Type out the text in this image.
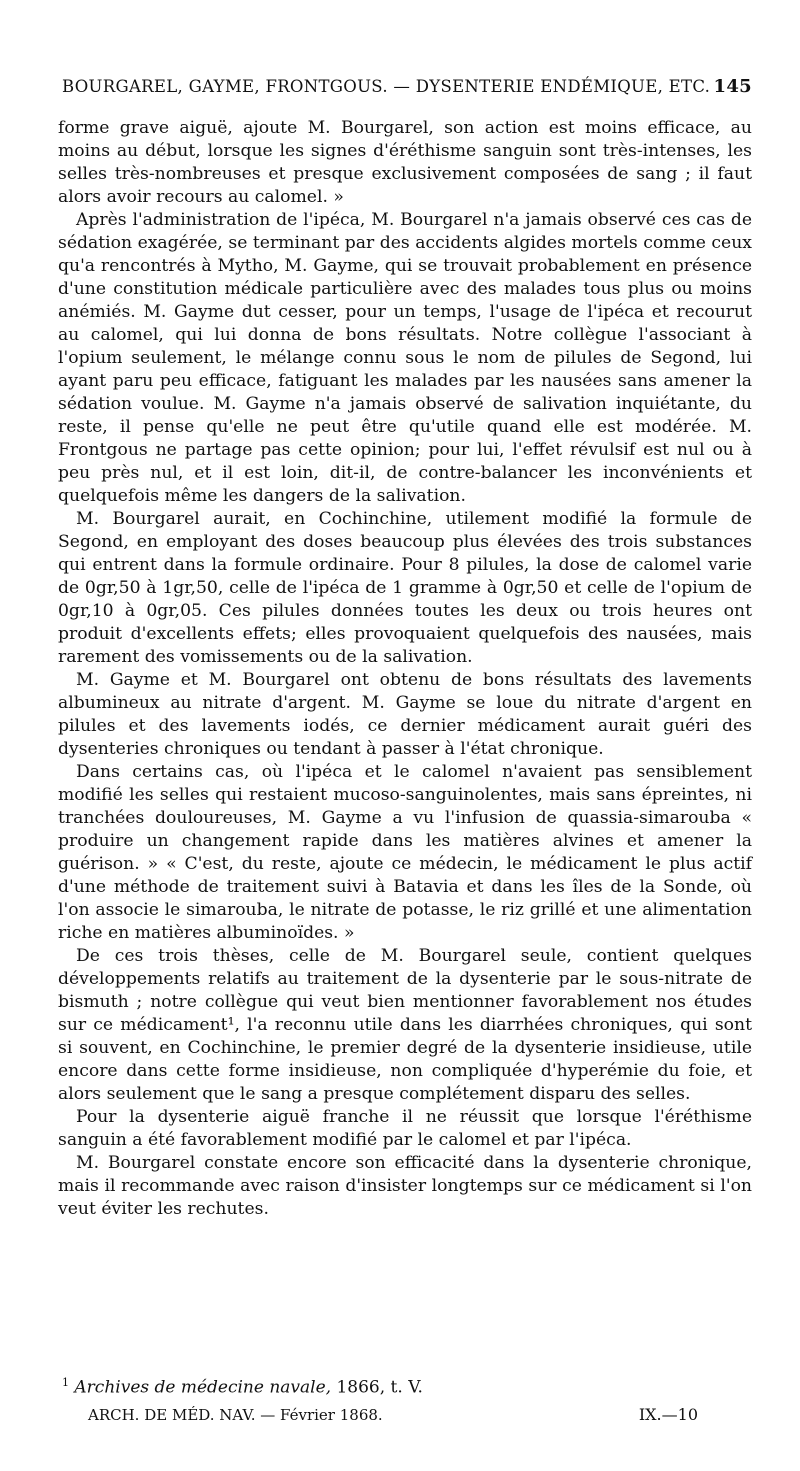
BOURGAREL, GAYME, FRONTGOUS. — DYSENTERIE ENDÉMIQUE, ETC. 145

forme grave aiguë, ajoute M. Bourgarel, son action est moins efficace, au moins au début, lorsque les signes d'éréthisme sanguin sont très-intenses, les selles très-nombreuses et presque exclusivement composées de sang ; il faut alors avoir recours au calomel. »

Après l'administration de l'ipéca, M. Bourgarel n'a jamais observé ces cas de sédation exagérée, se terminant par des accidents algides mortels comme ceux qu'a rencontrés à Mytho, M. Gayme, qui se trouvait probablement en présence d'une constitution médicale particulière avec des malades tous plus ou moins anémiés. M. Gayme dut cesser, pour un temps, l'usage de l'ipéca et recourut au calomel, qui lui donna de bons résultats. Notre collègue l'associant à l'opium seulement, le mélange connu sous le nom de pilules de Segond, lui ayant paru peu efficace, fatiguant les malades par les nausées sans amener la sédation voulue. M. Gayme n'a jamais observé de salivation inquiétante, du reste, il pense qu'elle ne peut être qu'utile quand elle est modérée. M. Frontgous ne partage pas cette opinion; pour lui, l'effet révulsif est nul ou à peu près nul, et il est loin, dit-il, de contre-balancer les inconvénients et quelquefois même les dangers de la salivation.

M. Bourgarel aurait, en Cochinchine, utilement modifié la formule de Segond, en employant des doses beaucoup plus élevées des trois substances qui entrent dans la formule ordinaire. Pour 8 pilules, la dose de calomel varie de 0gr,50 à 1gr,50, celle de l'ipéca de 1 gramme à 0gr,50 et celle de l'opium de 0gr,10 à 0gr,05. Ces pilules données toutes les deux ou trois heures ont produit d'excellents effets; elles provoquaient quelquefois des nausées, mais rarement des vomissements ou de la salivation.

M. Gayme et M. Bourgarel ont obtenu de bons résultats des lavements albumineux au nitrate d'argent. M. Gayme se loue du nitrate d'argent en pilules et des lavements iodés, ce dernier médicament aurait guéri des dysenteries chroniques ou tendant à passer à l'état chronique.

Dans certains cas, où l'ipéca et le calomel n'avaient pas sensiblement modifié les selles qui restaient mucoso-sanguinolentes, mais sans épreintes, ni tranchées douloureuses, M. Gayme a vu l'infusion de quassia-simarouba « produire un changement rapide dans les matières alvines et amener la guérison. » « C'est, du reste, ajoute ce médecin, le médicament le plus actif d'une méthode de traitement suivi à Batavia et dans les îles de la Sonde, où l'on associe le simarouba, le nitrate de potasse, le riz grillé et une alimentation riche en matières albuminoïdes. »

De ces trois thèses, celle de M. Bourgarel seule, contient quelques développements relatifs au traitement de la dysenterie par le sous-nitrate de bismuth ; notre collègue qui veut bien mentionner favorablement nos études sur ce médicament¹, l'a reconnu utile dans les diarrhées chroniques, qui sont si souvent, en Cochinchine, le premier degré de la dysenterie insidieuse, utile encore dans cette forme insidieuse, non compliquée d'hyperémie du foie, et alors seulement que le sang a presque complétement disparu des selles.

Pour la dysenterie aiguë franche il ne réussit que lorsque l'éréthisme sanguin a été favorablement modifié par le calomel et par l'ipéca.

M. Bourgarel constate encore son efficacité dans la dysenterie chronique, mais il recommande avec raison d'insister longtemps sur ce médicament si l'on veut éviter les rechutes.

$^1$ Archives de médecine navale, 1866, t. V.
ARCH. DE MÉD. NAV. — Février 1868.	IX.—10
